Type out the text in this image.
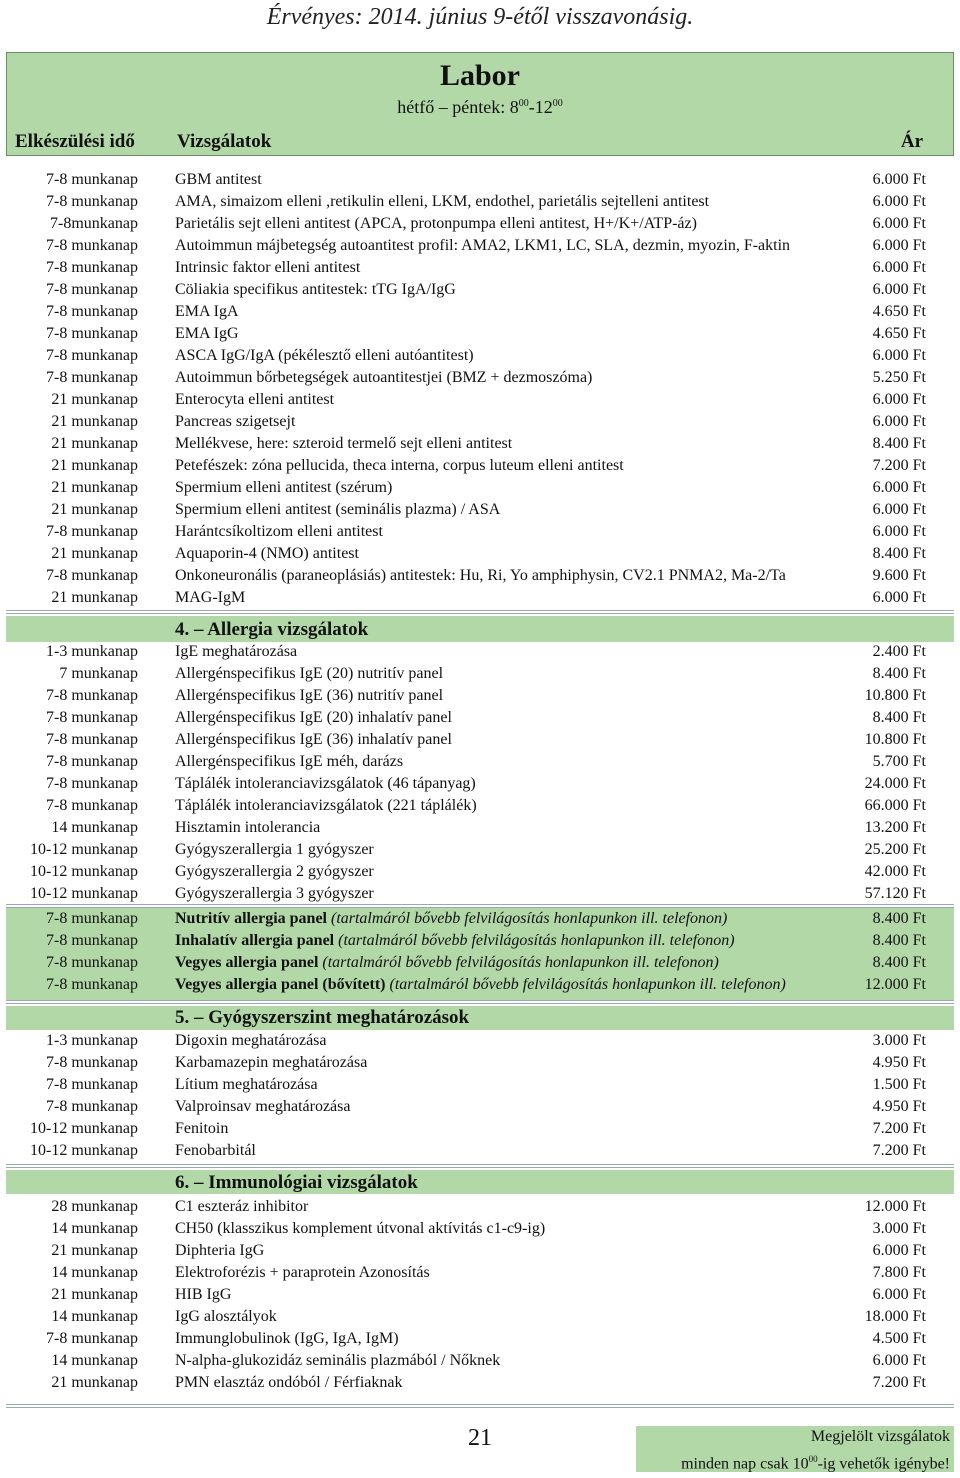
Érvényes: 2014. június 9-étől visszavonásig.
Labor
hétfő – péntek: $8^{00}-12^{00}$
Elkészülési idő Vizsgálatok	Ár
7-8 munkanap GBM antitest	6.000 Ft
7-8 munkanap AMA, simaizom elleni ,retikulin elleni, LKM, endothel, parietális sejtelleni antitest	6.000 Ft
7-8munkanap Parietális sejt elleni antitest (APCA, protonpumpa elleni antitest, H+/K+/ATP-áz)	6.000 Ft
7-8 munkanap Autoimmun májbetegség autoantitest profil: AMA2, LKM1, LC, SLA, dezmin, myozin, F-aktin	6.000 Ft
7-8 munkanap Intrinsic faktor elleni antitest	6.000 Ft
7-8 munkanap Cöliakia specifikus antitestek: tTG IgA/IgG	6.000 Ft
7-8 munkanap EMA IgA	4.650 Ft
7-8 munkanap EMA IgG	4.650 Ft
7-8 munkanap ASCA IgG/IgA (pékélesztő elleni autóantitest)	6.000 Ft
7-8 munkanap Autoimmun bőrbetegségek autoantitestjei (BMZ + dezmoszóma)	5.250 Ft
21 munkanap Enterocyta elleni antitest	6.000 Ft
21 munkanap Pancreas szigetsejt	6.000 Ft
21 munkanap Mellékvese, here: szteroid termelő sejt elleni antitest	8.400 Ft
21 munkanap Petefészek: zóna pellucida, theca interna, corpus luteum elleni antitest	7.200 Ft
21 munkanap Spermium elleni antitest (szérum)	6.000 Ft
21 munkanap Spermium elleni antitest (seminális plazma) / ASA	6.000 Ft
7-8 munkanap Harántcsíkoltizom elleni antitest	6.000 Ft
21 munkanap Aquaporin-4 (NMO) antitest	8.400 Ft
7-8 munkanap Onkoneuronális (paraneoplásiás) antitestek: Hu, Ri, Yo amphiphysin, CV2.1 PNMA2, Ma-2/Ta	9.600 Ft
21 munkanap MAG-IgM	6.000 Ft
4. – Allergia vizsgálatok
1-3 munkanap IgE meghatározása	2.400 Ft
7 munkanap Allergénspecifikus IgE (20) nutritív panel	8.400 Ft
7-8 munkanap Allergénspecifikus IgE (36) nutritív panel	10.800 Ft
7-8 munkanap Allergénspecifikus IgE (20) inhalatív panel	8.400 Ft
7-8 munkanap Allergénspecifikus IgE (36) inhalatív panel	10.800 Ft
7-8 munkanap Allergénspecifikus IgE méh, darázs	5.700 Ft
7-8 munkanap Táplálék intoleranciavizsgálatok (46 tápanyag)	24.000 Ft
7-8 munkanap Táplálék intoleranciavizsgálatok (221 táplálék)	66.000 Ft
14 munkanap Hisztamin intolerancia	13.200 Ft
10-12 munkanap Gyógyszerallergia 1 gyógyszer	25.200 Ft
10-12 munkanap Gyógyszerallergia 2 gyógyszer	42.000 Ft
10-12 munkanap Gyógyszerallergia 3 gyógyszer	57.120 Ft
7-8 munkanap Nutritív allergia panel (tartalmáról bővebb felvilágosítás honlapunkon ill. telefonon)	8.400 Ft
7-8 munkanap Inhalatív allergia panel (tartalmáról bővebb felvilágosítás honlapunkon ill. telefonon)	8.400 Ft
7-8 munkanap Vegyes allergia panel (tartalmáról bővebb felvilágosítás honlapunkon ill. telefonon)	8.400 Ft
7-8 munkanap Vegyes allergia panel (bővített) (tartalmáról bővebb felvilágosítás honlapunkon ill. telefonon)	12.000 Ft
5. – Gyógyszerszint meghatározások
1-3 munkanap Digoxin meghatározása	3.000 Ft
7-8 munkanap Karbamazepin meghatározása	4.950 Ft
7-8 munkanap Lítium meghatározása	1.500 Ft
7-8 munkanap Valproinsav meghatározása	4.950 Ft
10-12 munkanap Fenitoin	7.200 Ft
10-12 munkanap Fenobarbitál	7.200 Ft
6. – Immunológiai vizsgálatok
28 munkanap C1 eszteráz inhibitor	12.000 Ft
14 munkanap CH50 (klasszikus komplement útvonal aktívitás c1-c9-ig)	3.000 Ft
21 munkanap Diphteria IgG	6.000 Ft
14 munkanap Elektroforézis + paraprotein Azonosítás	7.800 Ft
21 munkanap HIB IgG	6.000 Ft
14 munkanap IgG alosztályok	18.000 Ft
7-8 munkanap Immunglobulinok (IgG, IgA, IgM)	4.500 Ft
14 munkanap N-alpha-glukozidáz seminális plazmából / Nőknek	6.000 Ft
21 munkanap PMN elasztáz ondóból / Férfiaknak	7.200 Ft
21	Megjelölt vizsgálatok
minden nap csak $10^{00}-ig$ vehetők igénybe!
